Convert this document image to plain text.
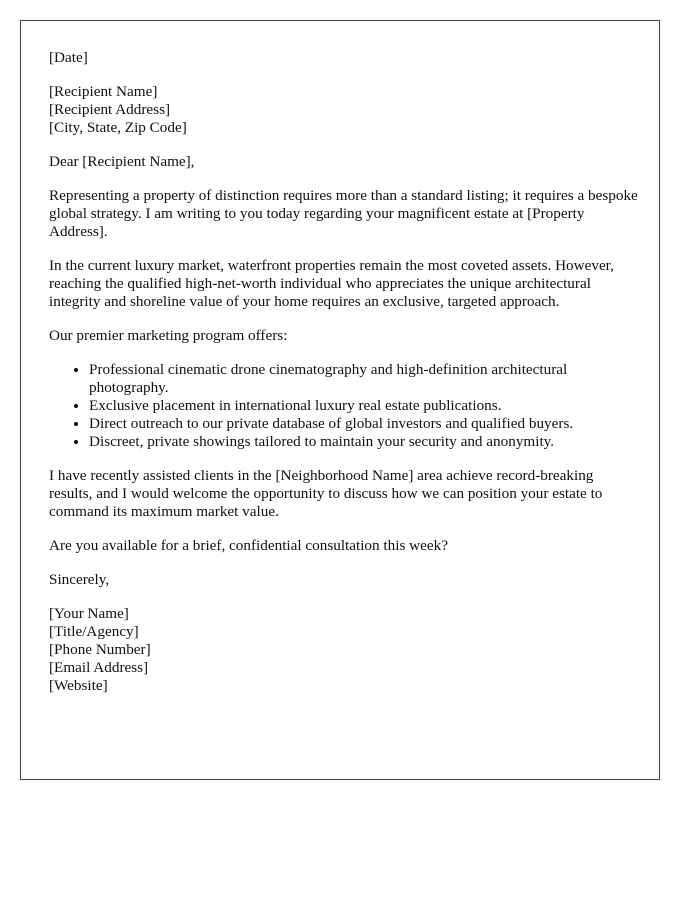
[Date]

[Recipient Name]
[Recipient Address]
[City, State, Zip Code]

Dear [Recipient Name],

Representing a property of distinction requires more than a standard listing; it requires a bespoke global strategy. I am writing to you today regarding your magnificent estate at [Property Address].

In the current luxury market, waterfront properties remain the most coveted assets. However, reaching the qualified high-net-worth individual who appreciates the unique architectural integrity and shoreline value of your home requires an exclusive, targeted approach.

Our premier marketing program offers:

• Professional cinematic drone cinematography and high-definition architectural photography.
• Exclusive placement in international luxury real estate publications.
• Direct outreach to our private database of global investors and qualified buyers.
• Discreet, private showings tailored to maintain your security and anonymity.

I have recently assisted clients in the [Neighborhood Name] area achieve record-breaking results, and I would welcome the opportunity to discuss how we can position your estate to command its maximum market value.

Are you available for a brief, confidential consultation this week?

Sincerely,

[Your Name]
[Title/Agency]
[Phone Number]
[Email Address]
[Website]
